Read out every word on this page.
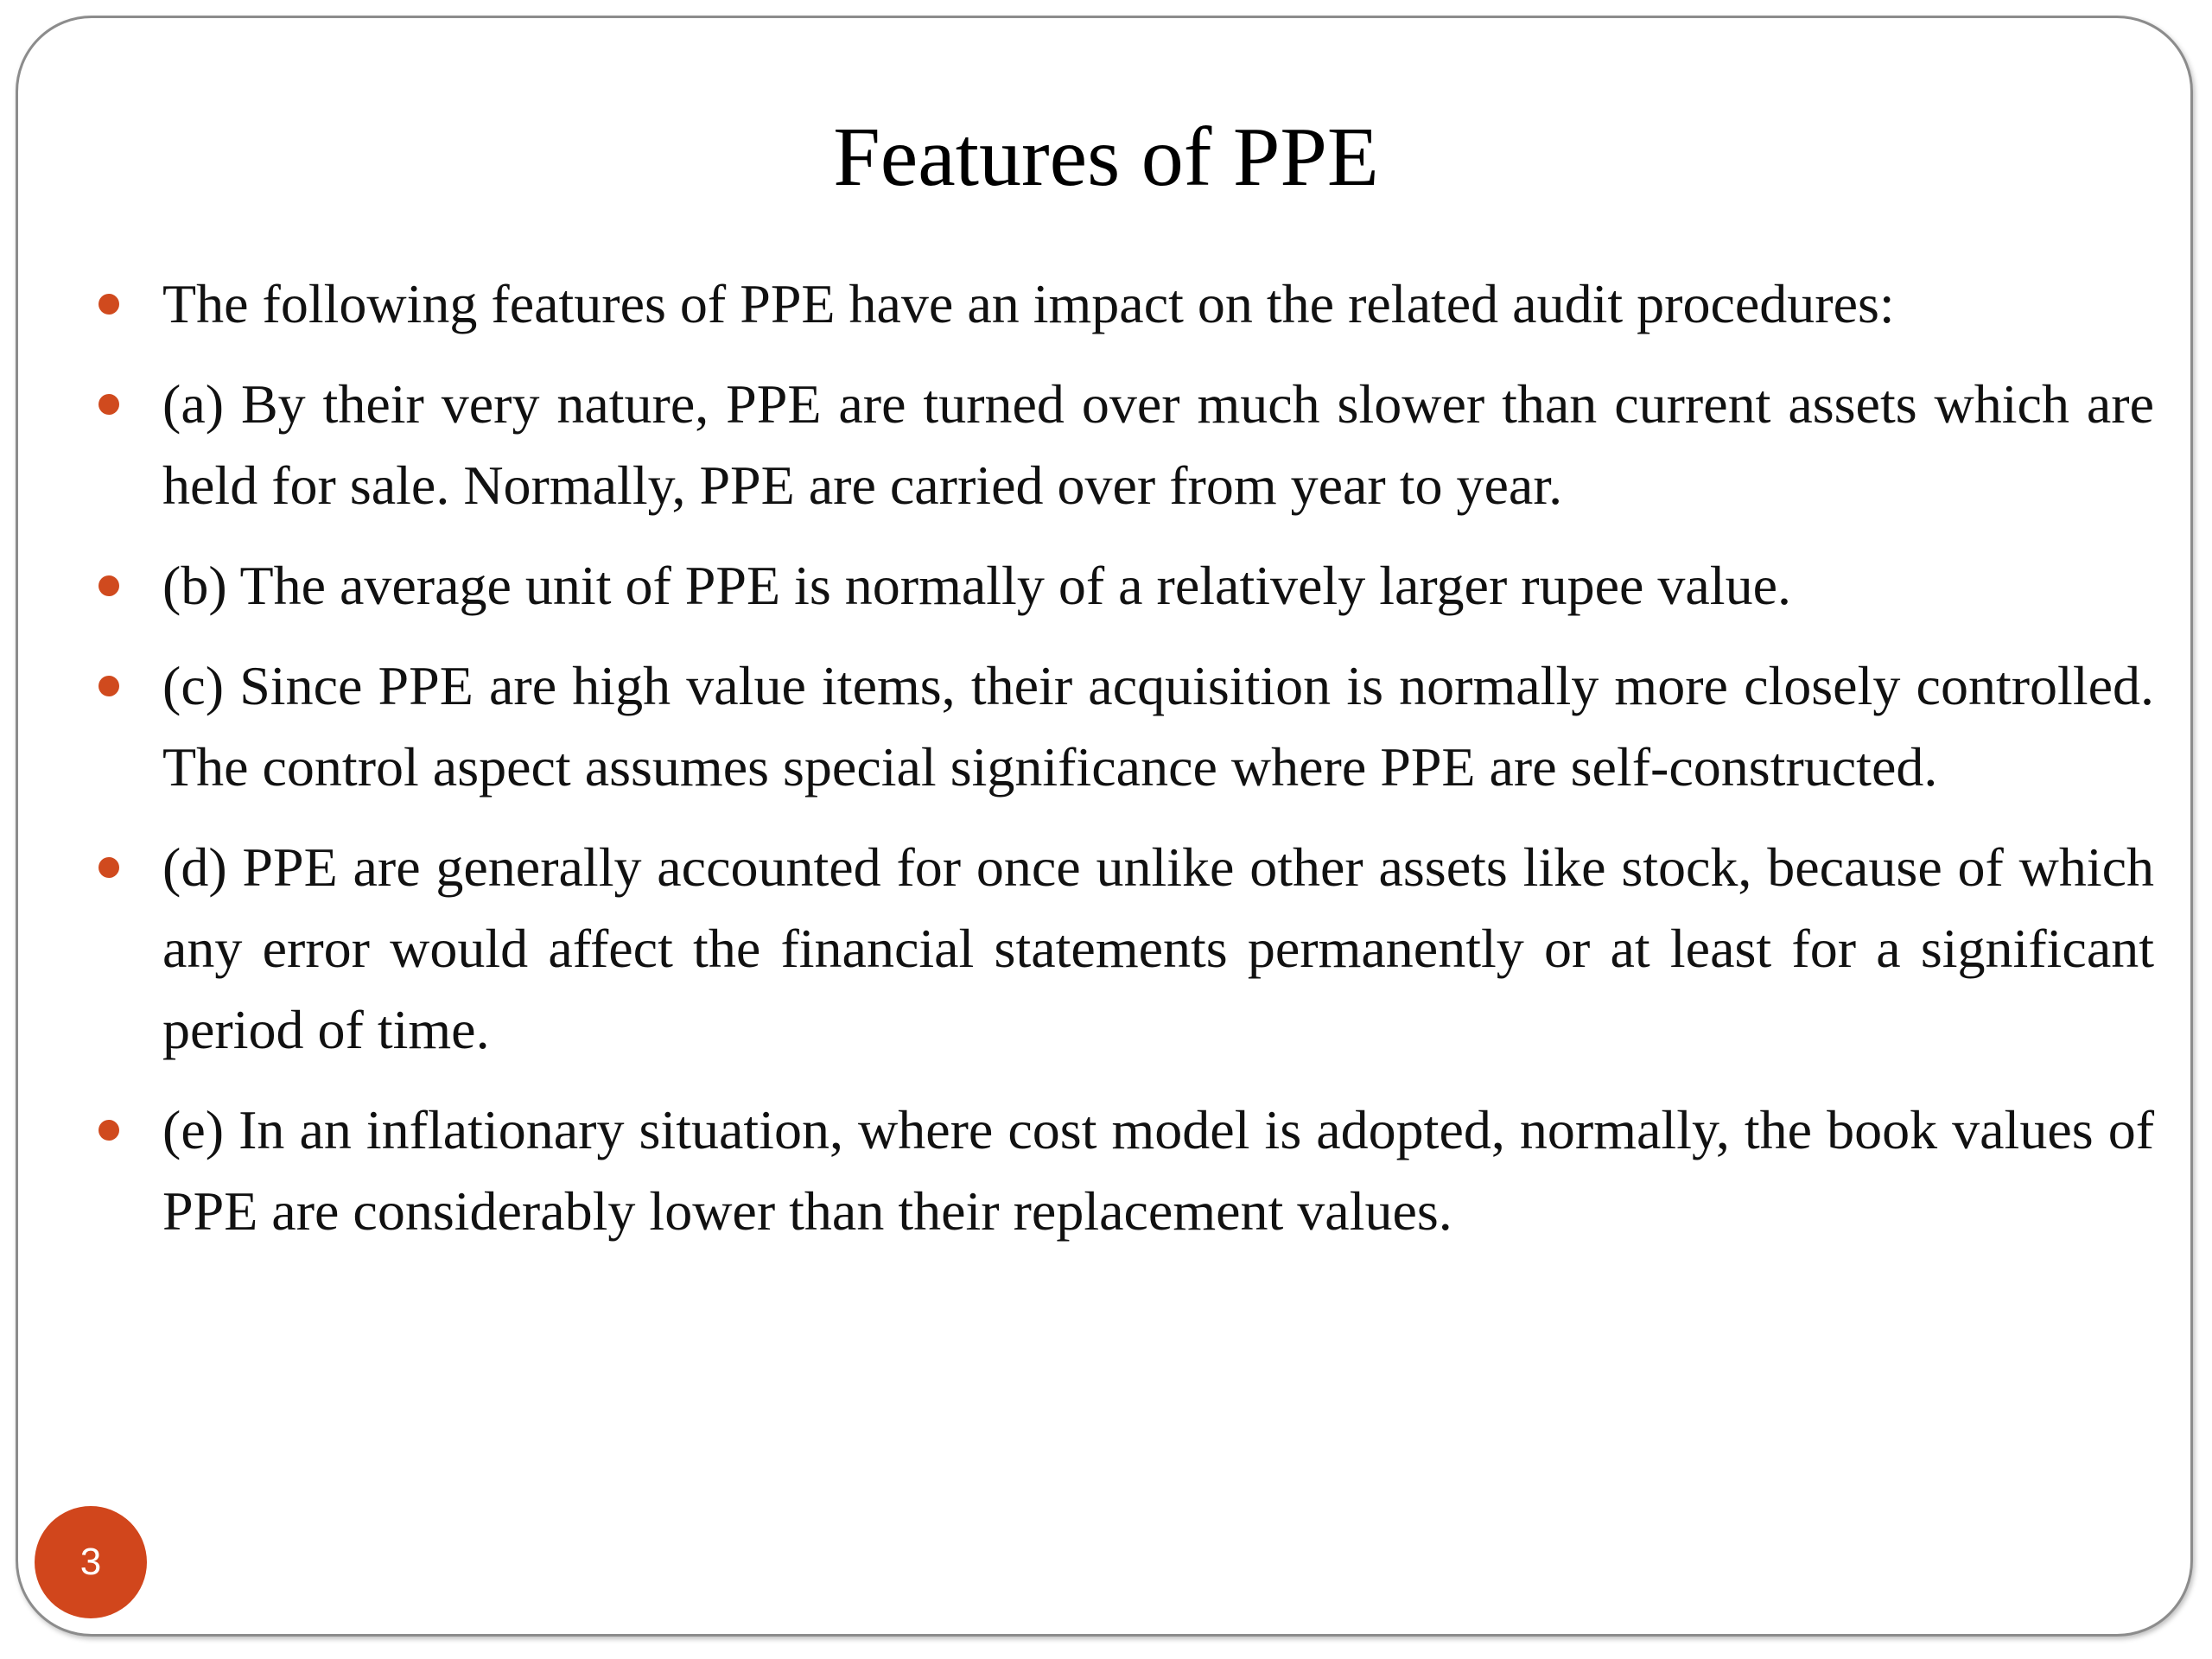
Features of PPE
The following features of PPE have an impact on the related audit procedures:
(a) By their very nature, PPE are turned over much slower than current assets which are held for sale. Normally, PPE are carried over from year to year.
(b) The average unit of PPE is normally of a relatively larger rupee value.
(c) Since PPE are high value items, their acquisition is normally more closely controlled. The control aspect assumes special significance where PPE are self-constructed.
(d) PPE are generally accounted for once unlike other assets like stock, because of which any error would affect the financial statements permanently or at least for a significant period of time.
(e) In an inflationary situation, where cost model is adopted, normally, the book values of PPE are considerably lower than their replacement values.
3
